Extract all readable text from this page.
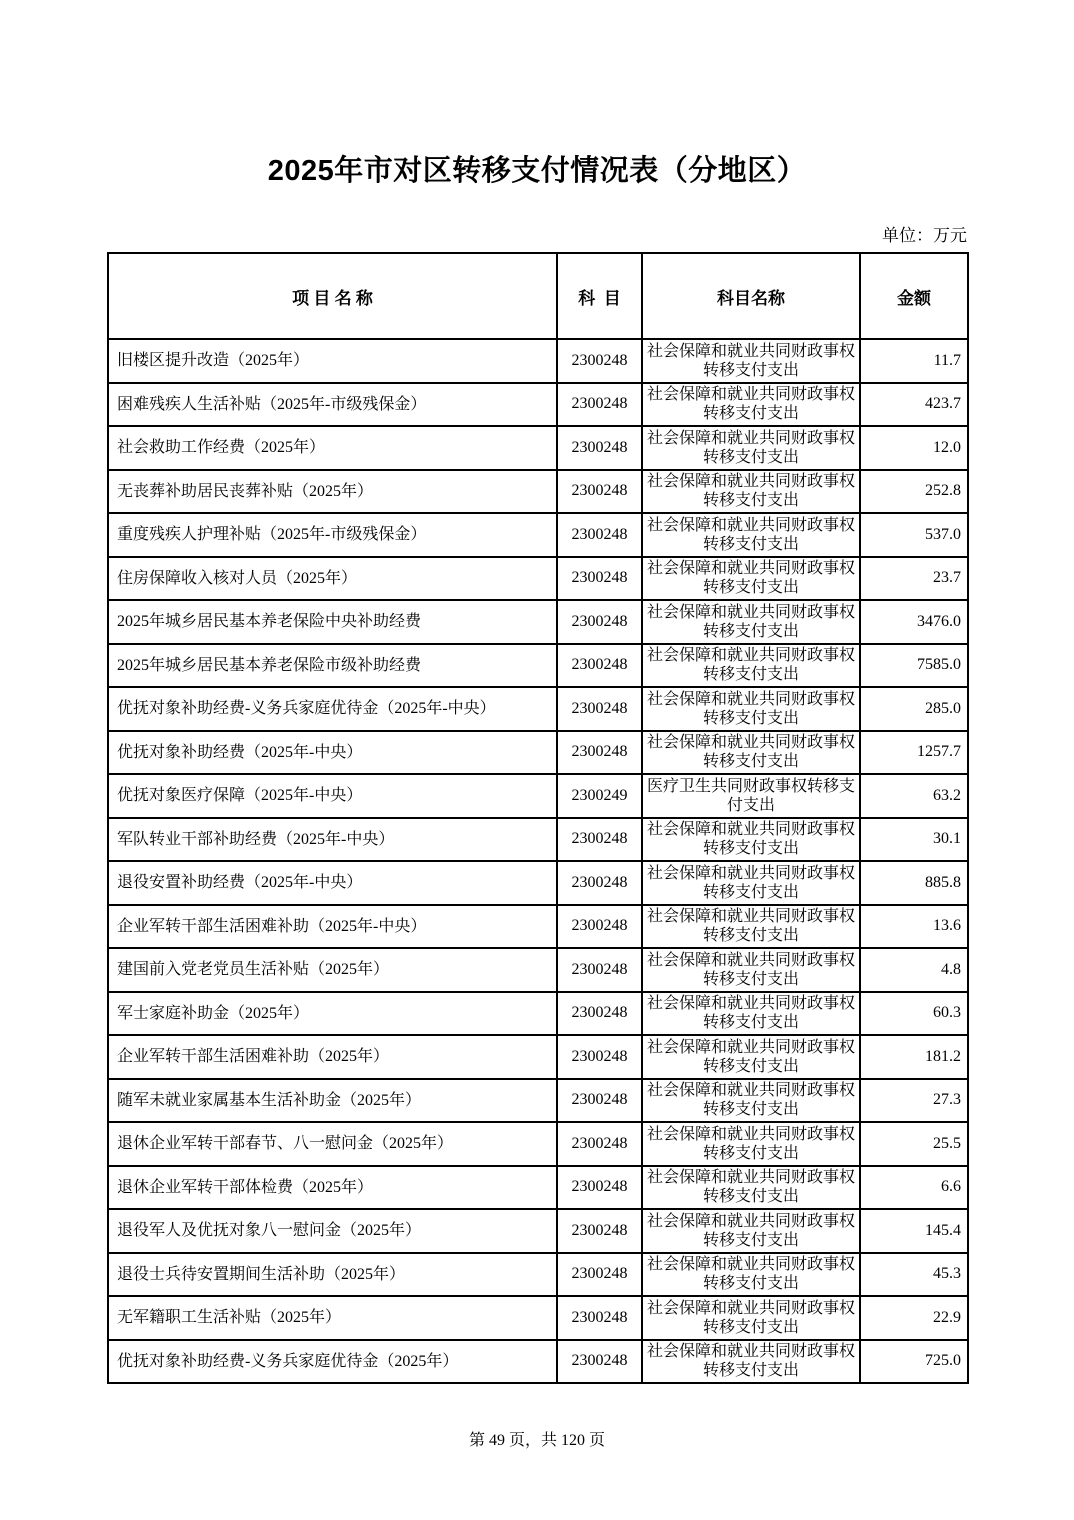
2025年市对区转移支付情况表（分地区）
单位：万元
项 目 名 称	科  目	科目名称	金额
旧楼区提升改造（2025年）	2300248	社会保障和就业共同财政事权转移支付支出	11.7
困难残疾人生活补贴（2025年-市级残保金）	2300248	社会保障和就业共同财政事权转移支付支出	423.7
社会救助工作经费（2025年）	2300248	社会保障和就业共同财政事权转移支付支出	12.0
无丧葬补助居民丧葬补贴（2025年）	2300248	社会保障和就业共同财政事权转移支付支出	252.8
重度残疾人护理补贴（2025年-市级残保金）	2300248	社会保障和就业共同财政事权转移支付支出	537.0
住房保障收入核对人员（2025年）	2300248	社会保障和就业共同财政事权转移支付支出	23.7
2025年城乡居民基本养老保险中央补助经费	2300248	社会保障和就业共同财政事权转移支付支出	3476.0
2025年城乡居民基本养老保险市级补助经费	2300248	社会保障和就业共同财政事权转移支付支出	7585.0
优抚对象补助经费-义务兵家庭优待金（2025年-中央）	2300248	社会保障和就业共同财政事权转移支付支出	285.0
优抚对象补助经费（2025年-中央）	2300248	社会保障和就业共同财政事权转移支付支出	1257.7
优抚对象医疗保障（2025年-中央）	2300249	医疗卫生共同财政事权转移支付支出	63.2
军队转业干部补助经费（2025年-中央）	2300248	社会保障和就业共同财政事权转移支付支出	30.1
退役安置补助经费（2025年-中央）	2300248	社会保障和就业共同财政事权转移支付支出	885.8
企业军转干部生活困难补助（2025年-中央）	2300248	社会保障和就业共同财政事权转移支付支出	13.6
建国前入党老党员生活补贴（2025年）	2300248	社会保障和就业共同财政事权转移支付支出	4.8
军士家庭补助金（2025年）	2300248	社会保障和就业共同财政事权转移支付支出	60.3
企业军转干部生活困难补助（2025年）	2300248	社会保障和就业共同财政事权转移支付支出	181.2
随军未就业家属基本生活补助金（2025年）	2300248	社会保障和就业共同财政事权转移支付支出	27.3
退休企业军转干部春节、八一慰问金（2025年）	2300248	社会保障和就业共同财政事权转移支付支出	25.5
退休企业军转干部体检费（2025年）	2300248	社会保障和就业共同财政事权转移支付支出	6.6
退役军人及优抚对象八一慰问金（2025年）	2300248	社会保障和就业共同财政事权转移支付支出	145.4
退役士兵待安置期间生活补助（2025年）	2300248	社会保障和就业共同财政事权转移支付支出	45.3
无军籍职工生活补贴（2025年）	2300248	社会保障和就业共同财政事权转移支付支出	22.9
优抚对象补助经费-义务兵家庭优待金（2025年）	2300248	社会保障和就业共同财政事权转移支付支出	725.0
第 49 页，共 120 页
